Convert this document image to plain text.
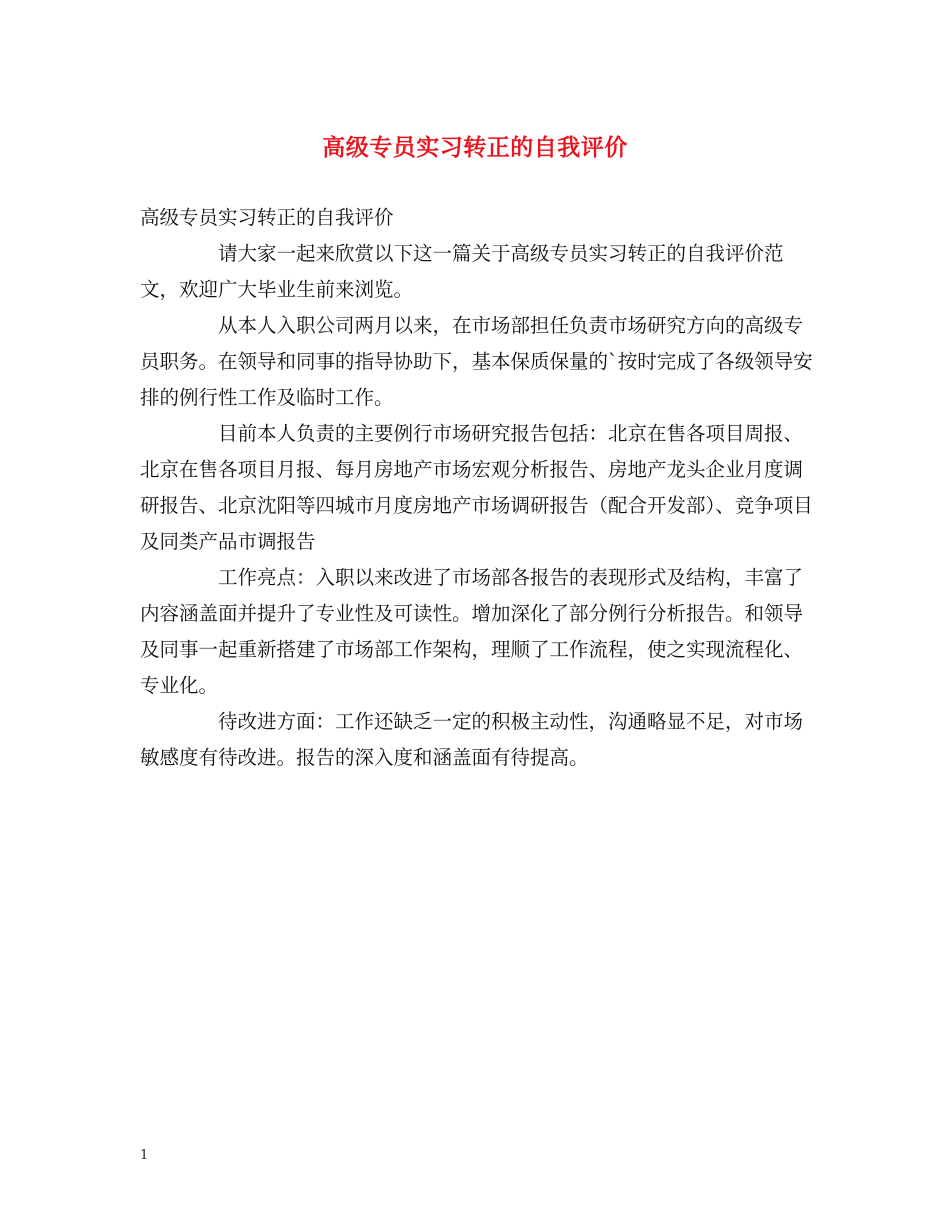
高级专员实习转正的自我评价

高级专员实习转正的自我评价

请大家一起来欣赏以下这一篇关于高级专员实习转正的自我评价范文，欢迎广大毕业生前来浏览。

从本人入职公司两月以来，在市场部担任负责市场研究方向的高级专员职务。在领导和同事的指导协助下，基本保质保量的`按时完成了各级领导安排的例行性工作及临时工作。

目前本人负责的主要例行市场研究报告包括：北京在售各项目周报、北京在售各项目月报、每月房地产市场宏观分析报告、房地产龙头企业月度调研报告、北京沈阳等四城市月度房地产市场调研报告（配合开发部）、竞争项目及同类产品市调报告

工作亮点：入职以来改进了市场部各报告的表现形式及结构，丰富了内容涵盖面并提升了专业性及可读性。增加深化了部分例行分析报告。和领导及同事一起重新搭建了市场部工作架构，理顺了工作流程，使之实现流程化、专业化。

待改进方面：工作还缺乏一定的积极主动性，沟通略显不足，对市场敏感度有待改进。报告的深入度和涵盖面有待提高。

1
